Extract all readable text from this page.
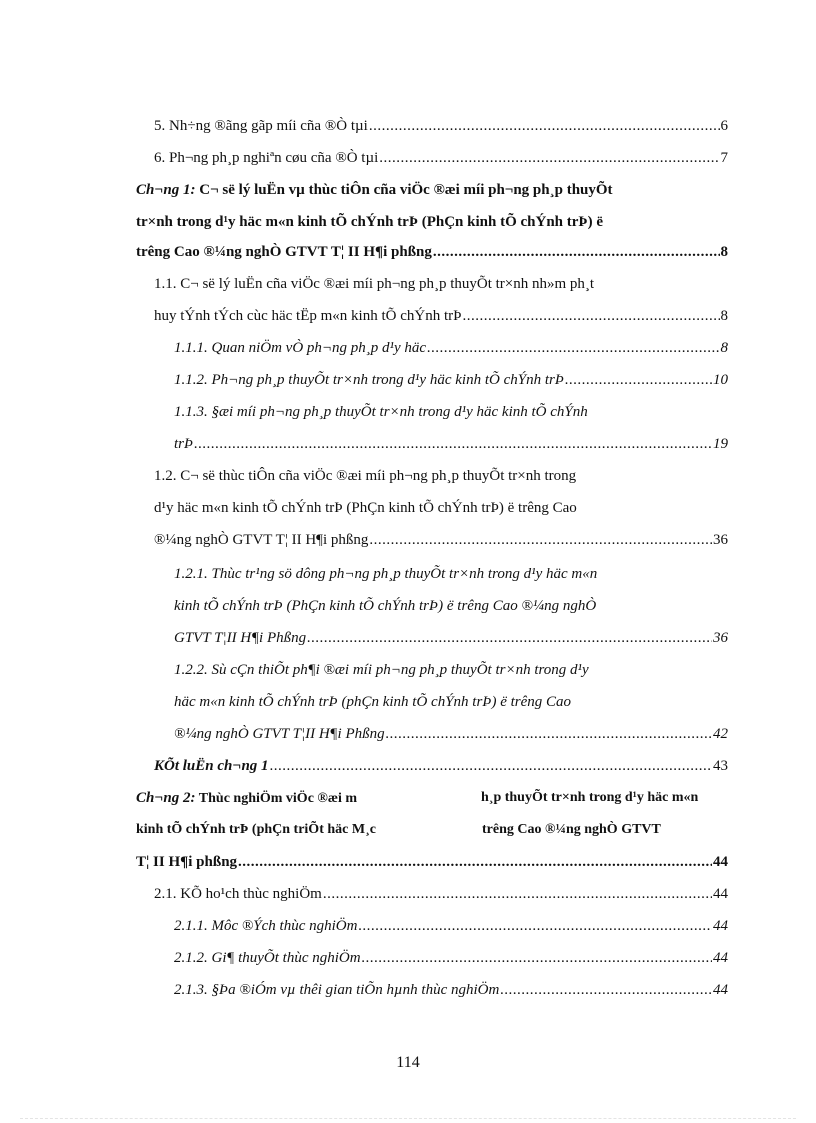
5. Nh÷ng ®ãng gãp míi cña ®Ò tµi .....	6
6. Ph¬ng ph¸p nghiªn cøu cña ®Ò tµi .....	7
Ch¬ng 1: C¬ së lý luËn vµ thùc tiÔn cña viÖc ®æi míi ph¬ng ph¸p thuyÕt
tr×nh trong d¹y häc m«n kinh tÕ chÝnh trÞ (PhÇn kinh tÕ chÝnh trÞ) ë
trêng Cao ®¼ng nghÒ GTVT T¦ II H¶i phßng .....	8
1.1. C¬ së lý luËn cña viÖc ®æi míi ph¬ng ph¸p thuyÕt tr×nh nh»m ph¸t
huy tÝnh tÝch cùc häc tËp m«n kinh tÕ chÝnh trÞ .....	8
1.1.1. Quan niÖm vÒ ph¬ng ph¸p d¹y häc .....	8
1.1.2. Ph¬ng ph¸p thuyÕt tr×nh trong d¹y häc kinh tÕ chÝnh trÞ .....	10
1.1.3. §æi míi ph¬ng ph¸p thuyÕt tr×nh trong d¹y häc kinh tÕ chÝnh
trÞ .....	19
1.2. C¬ së thùc tiÔn cña viÖc ®æi míi ph¬ng ph¸p thuyÕt tr×nh trong
d¹y häc m«n kinh tÕ chÝnh trÞ (PhÇn kinh tÕ chÝnh trÞ) ë trêng Cao
®¼ng nghÒ GTVT T¦ II H¶i phßng .....	36
1.2.1. Thùc tr¹ng sö dông ph¬ng ph¸p thuyÕt tr×nh trong d¹y häc m«n
kinh tÕ chÝnh trÞ (PhÇn kinh tÕ chÝnh trÞ) ë trêng Cao ®¼ng nghÒ
GTVT T¦II H¶i Phßng .....	36
1.2.2. Sù cÇn thiÕt ph¶i ®æi míi ph¬ng ph¸p thuyÕt tr×nh trong d¹y
häc m«n kinh tÕ chÝnh trÞ (phÇn kinh tÕ chÝnh trÞ) ë trêng Cao
®¼ng nghÒ GTVT T¦II H¶i Phßng .....	42
KÕt luËn ch¬ng 1 .....	43
Ch¬ng 2: Thùc nghiÖm viÖc ®æi m	h¸p thuyÕt tr×nh trong d¹y häc m«n
kinh tÕ chÝnh trÞ (phÇn triÕt häc M¸c	trêng Cao ®¼ng nghÒ GTVT
T¦ II H¶i phßng .....	44
2.1. KÕ ho¹ch thùc nghiÖm .....	44
2.1.1. Môc ®Ých thùc nghiÖm .....	44
2.1.2. Gi¶ thuyÕt thùc nghiÖm .....	44
2.1.3. §Þa ®iÓm vµ thêi gian tiÕn hµnh thùc nghiÖm .....	44
114
